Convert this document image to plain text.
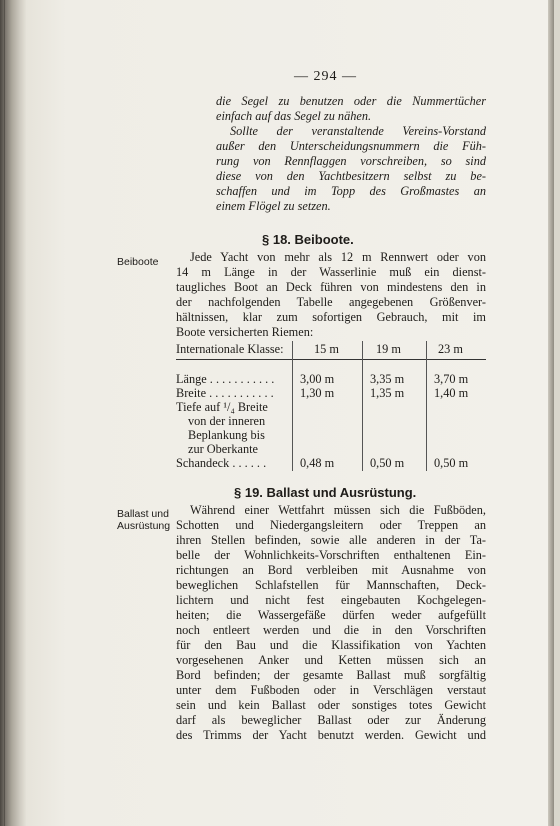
— 294 —
die Segel zu benutzen oder die Nummertücher
einfach auf das Segel zu nähen.
Sollte der veranstaltende Vereins-Vorstand
außer den Unterscheidungsnummern die Füh-
rung von Rennflaggen vorschreiben, so sind
diese von den Yachtbesitzern selbst zu be-
schaffen und im Topp des Großmastes an
einem Flögel zu setzen.
§ 18. Beiboote.
Beiboote	Jede Yacht von mehr als 12 m Rennwert oder von
14 m Länge in der Wasserlinie muß ein dienst-
taugliches Boot an Deck führen von mindestens den in
der nachfolgenden Tabelle angegebenen Größenver-
hältnissen, klar zum sofortigen Gebrauch, mit im
Boote versicherten Riemen:
Internationale Klasse: 15 m	19 m	23 m
Länge . . . . . . . . . . . 3,00 m	3,35 m 3,70 m
Breite . . . . . . . . . . . 1,30 m	1,35 m 1,40 m
Tiefe auf ¹/₄ Breite
von der inneren
Beplankung bis
zur Oberkante
Schandeck . . . . . .	0,48 m	0,50 m 0,50 m
§ 19. Ballast und Ausrüstung.
Ballast und
Ausrüstung
Während einer Wettfahrt müssen sich die Fußböden,
Schotten und Niedergangsleitern oder Treppen an
ihren Stellen befinden, sowie alle anderen in der Ta-
belle der Wohnlichkeits-Vorschriften enthaltenen Ein-
richtungen an Bord verbleiben mit Ausnahme von
beweglichen Schlafstellen für Mannschaften, Deck-
lichtern und nicht fest eingebauten Kochgelegen-
heiten; die Wassergefäße dürfen weder aufgefüllt
noch entleert werden und die in den Vorschriften
für den Bau und die Klassifikation von Yachten
vorgesehenen Anker und Ketten müssen sich an
Bord befinden; der gesamte Ballast muß sorgfältig
unter dem Fußboden oder in Verschlägen verstaut
sein und kein Ballast oder sonstiges totes Gewicht
darf als beweglicher Ballast oder zur Änderung
des Trimms der Yacht benutzt werden. Gewicht und
